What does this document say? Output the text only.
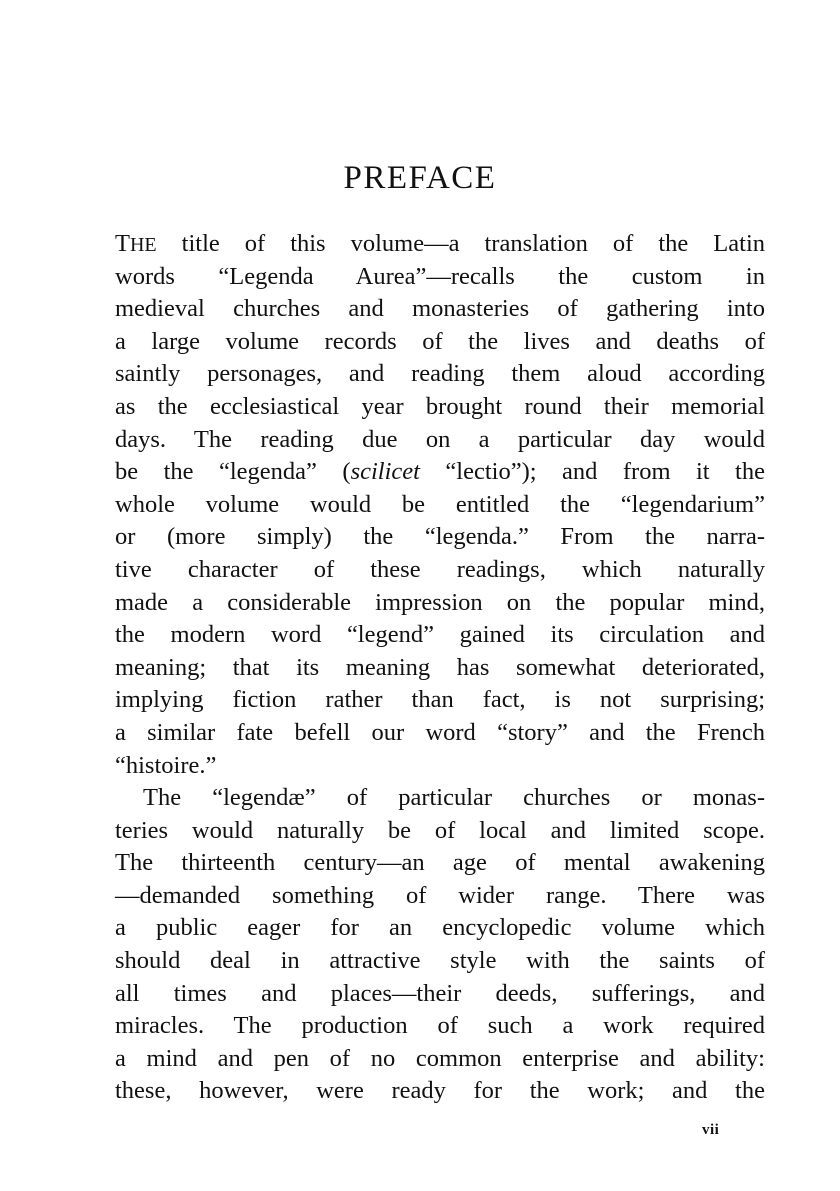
PREFACE
THE title of this volume—a translation of the Latin
words “Legenda Aurea”—recalls the custom in
medieval churches and monasteries of gathering into
a large volume records of the lives and deaths of
saintly personages, and reading them aloud according
as the ecclesiastical year brought round their memorial
days. The reading due on a particular day would
be the “legenda” (scilicet “lectio”); and from it the
whole volume would be entitled the “legendarium”
or (more simply) the “legenda.” From the narra-
tive character of these readings, which naturally
made a considerable impression on the popular mind,
the modern word “legend” gained its circulation and
meaning; that its meaning has somewhat deteriorated,
implying fiction rather than fact, is not surprising;
a similar fate befell our word “story” and the French
“histoire.”
The “legendæ” of particular churches or monas-
teries would naturally be of local and limited scope.
The thirteenth century—an age of mental awakening
—demanded something of wider range. There was
a public eager for an encyclopedic volume which
should deal in attractive style with the saints of
all times and places—their deeds, sufferings, and
miracles. The production of such a work required
a mind and pen of no common enterprise and ability:
these, however, were ready for the work; and the
vii
